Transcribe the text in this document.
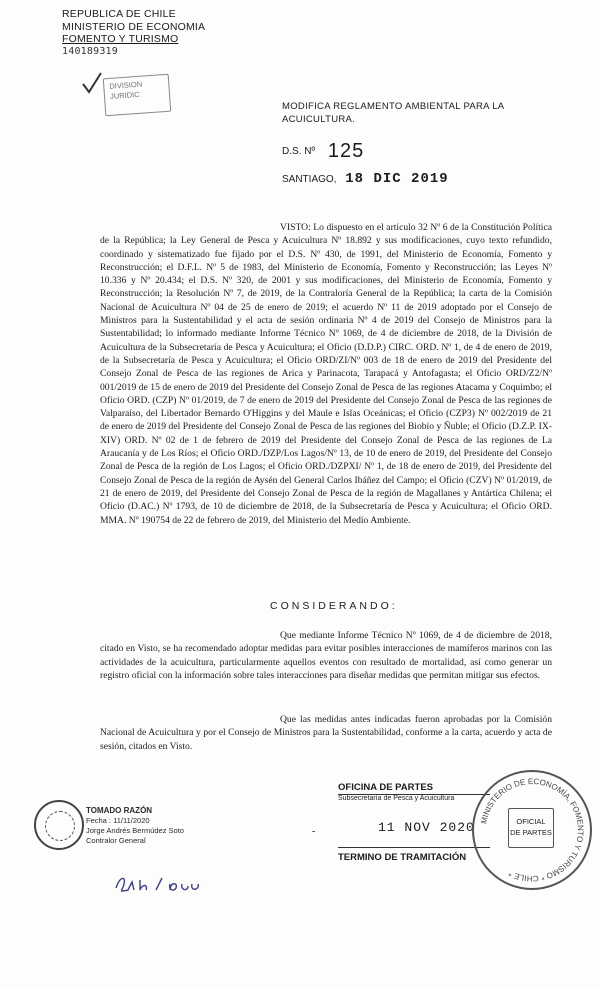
REPUBLICA DE CHILE
MINISTERIO DE ECONOMIA
FOMENTO Y TURISMO
140189319
DIVISION
JURIDIC
MODIFICA REGLAMENTO AMBIENTAL PARA LA ACUICULTURA.
D.S. Nº 125
SANTIAGO, 18 DIC 2019
VISTO: Lo dispuesto en el artículo 32 Nº 6 de la Constitución Política de la República; la Ley General de Pesca y Acuicultura Nº 18.892 y sus modificaciones, cuyo texto refundido, coordinado y sistematizado fue fijado por el D.S. Nº 430, de 1991, del Ministerio de Economía, Fomento y Reconstrucción; el D.F.L. Nº 5 de 1983, del Ministerio de Economía, Fomento y Reconstrucción; las Leyes Nº 10.336 y Nº 20.434; el D.S. Nº 320, de 2001 y sus modificaciones, del Ministerio de Economía, Fomento y Reconstrucción; la Resolución Nº 7, de 2019, de la Contraloría General de la República; la carta de la Comisión Nacional de Acuicultura Nº 04 de 25 de enero de 2019; el acuerdo Nº 11 de 2019 adoptado por el Consejo de Ministros para la Sustentabilidad y el acta de sesión ordinaria Nº 4 de 2019 del Consejo de Ministros para la Sustentabilidad; lo informado mediante Informe Técnico Nº 1069, de 4 de diciembre de 2018, de la División de Acuicultura de la Subsecretaría de Pesca y Acuicultura; el Oficio (D.D.P.) CIRC. ORD. Nº 1, de 4 de enero de 2019, de la Subsecretaría de Pesca y Acuicultura; el Oficio ORD/ZI/Nº 003 de 18 de enero de 2019 del Presidente del Consejo Zonal de Pesca de las regiones de Arica y Parinacota, Tarapacá y Antofagasta; el Oficio ORD/Z2/Nº 001/2019 de 15 de enero de 2019 del Presidente del Consejo Zonal de Pesca de las regiones Atacama y Coquimbo; el Oficio ORD. (CZP) Nº 01/2019, de 7 de enero de 2019 del Presidente del Consejo Zonal de Pesca de las regiones de Valparaíso, del Libertador Bernardo O'Higgins y del Maule e Islas Oceánicas; el Oficio (CZP3) Nº 002/2019 de 21 de enero de 2019 del Presidente del Consejo Zonal de Pesca de las regiones del Biobío y Ñuble; el Oficio (D.Z.P. IX-XIV) ORD. Nº 02 de 1 de febrero de 2019 del Presidente del Consejo Zonal de Pesca de las regiones de La Araucanía y de Los Ríos; el Oficio ORD./DZP/Los Lagos/Nº 13, de 10 de enero de 2019, del Presidente del Consejo Zonal de Pesca de la región de Los Lagos; el Oficio ORD./DZPXI/ Nº 1, de 18 de enero de 2019, del Presidente del Consejo Zonal de Pesca de la región de Aysén del General Carlos Ibáñez del Campo; el Oficio (CZV) Nº 01/2019, de 21 de enero de 2019, del Presidente del Consejo Zonal de Pesca de la región de Magallanes y Antártica Chilena; el Oficio (D.AC.) Nº 1793, de 10 de diciembre de 2018, de la Subsecretaría de Pesca y Acuicultura; el Oficio ORD. MMA. Nº 190754 de 22 de febrero de 2019, del Ministerio del Medio Ambiente.
CONSIDERANDO:
Que mediante Informe Técnico Nº 1069, de 4 de diciembre de 2018, citado en Visto, se ha recomendado adoptar medidas para evitar posibles interacciones de mamíferos marinos con las actividades de la acuicultura, particularmente aquellos eventos con resultado de mortalidad, así como generar un registro oficial con la información sobre tales interacciones para diseñar medidas que permitan mitigar sus efectos.
Que las medidas antes indicadas fueron aprobadas por la Comisión Nacional de Acuicultura y por el Consejo de Ministros para la Sustentabilidad, conforme a la carta, acuerdo y acta de sesión, citados en Visto.
TOMADO RAZÓN
Fecha : 11/11/2020
Jorge Andrés Bermúdez Soto
Contralor General
-
OFICINA DE PARTES
Subsecretaría de Pesca y Acuicultura
11 NOV 2020
TERMINO DE TRAMITACIÓN
MINISTERIO DE ECONOMÍA, FOMENTO Y TURISMO * CHILE *
OFICIAL
DE PARTES
